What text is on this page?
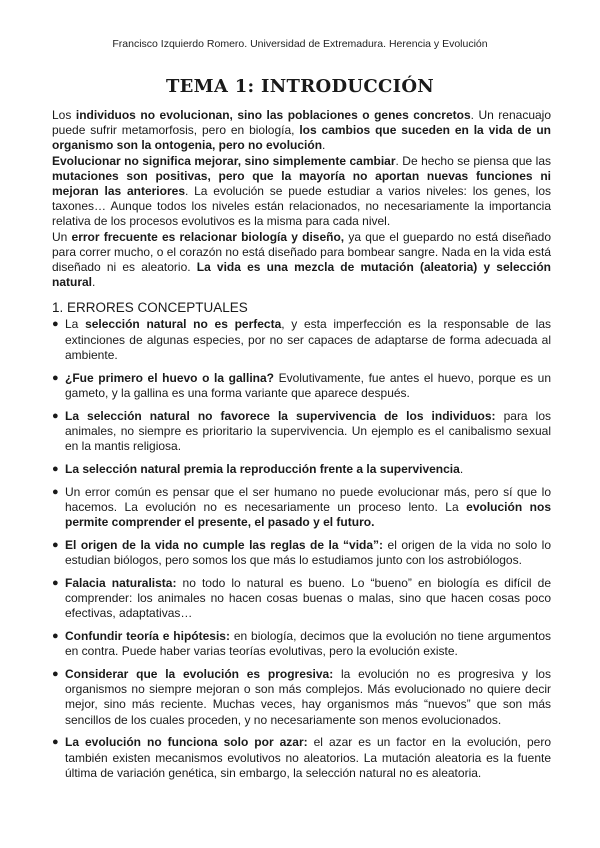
Francisco Izquierdo Romero. Universidad de Extremadura. Herencia y Evolución
TEMA 1: INTRODUCCIÓN

Los individuos no evolucionan, sino las poblaciones o genes concretos. Un renacuajo puede sufrir metamorfosis, pero en biología, los cambios que suceden en la vida de un organismo son la ontogenia, pero no evolución.

Evolucionar no significa mejorar, sino simplemente cambiar. De hecho se piensa que las mutaciones son positivas, pero que la mayoría no aportan nuevas funciones ni mejoran las anteriores. La evolución se puede estudiar a varios niveles: los genes, los taxones… Aunque todos los niveles están relacionados, no necesariamente la importancia relativa de los procesos evolutivos es la misma para cada nivel.

Un error frecuente es relacionar biología y diseño, ya que el guepardo no está diseñado para correr mucho, o el corazón no está diseñado para bombear sangre. Nada en la vida está diseñado ni es aleatorio. La vida es una mezcla de mutación (aleatoria) y selección natural.

1. ERRORES CONCEPTUALES
● La selección natural no es perfecta, y esta imperfección es la responsable de las extinciones de algunas especies, por no ser capaces de adaptarse de forma adecuada al ambiente.
● ¿Fue primero el huevo o la gallina? Evolutivamente, fue antes el huevo, porque es un gameto, y la gallina es una forma variante que aparece después.
● La selección natural no favorece la supervivencia de los individuos: para los animales, no siempre es prioritario la supervivencia. Un ejemplo es el canibalismo sexual en la mantis religiosa.
● La selección natural premia la reproducción frente a la supervivencia.
● Un error común es pensar que el ser humano no puede evolucionar más, pero sí que lo hacemos. La evolución no es necesariamente un proceso lento. La evolución nos permite comprender el presente, el pasado y el futuro.
● El origen de la vida no cumple las reglas de la “vida”: el origen de la vida no solo lo estudian biólogos, pero somos los que más lo estudiamos junto con los astrobiólogos.
● Falacia naturalista: no todo lo natural es bueno. Lo “bueno” en biología es difícil de comprender: los animales no hacen cosas buenas o malas, sino que hacen cosas poco efectivas, adaptativas…
● Confundir teoría e hipótesis: en biología, decimos que la evolución no tiene argumentos en contra. Puede haber varias teorías evolutivas, pero la evolución existe.
● Considerar que la evolución es progresiva: la evolución no es progresiva y los organismos no siempre mejoran o son más complejos. Más evolucionado no quiere decir mejor, sino más reciente. Muchas veces, hay organismos más “nuevos” que son más sencillos de los cuales proceden, y no necesariamente son menos evolucionados.
● La evolución no funciona solo por azar: el azar es un factor en la evolución, pero también existen mecanismos evolutivos no aleatorios. La mutación aleatoria es la fuente última de variación genética, sin embargo, la selección natural no es aleatoria.
